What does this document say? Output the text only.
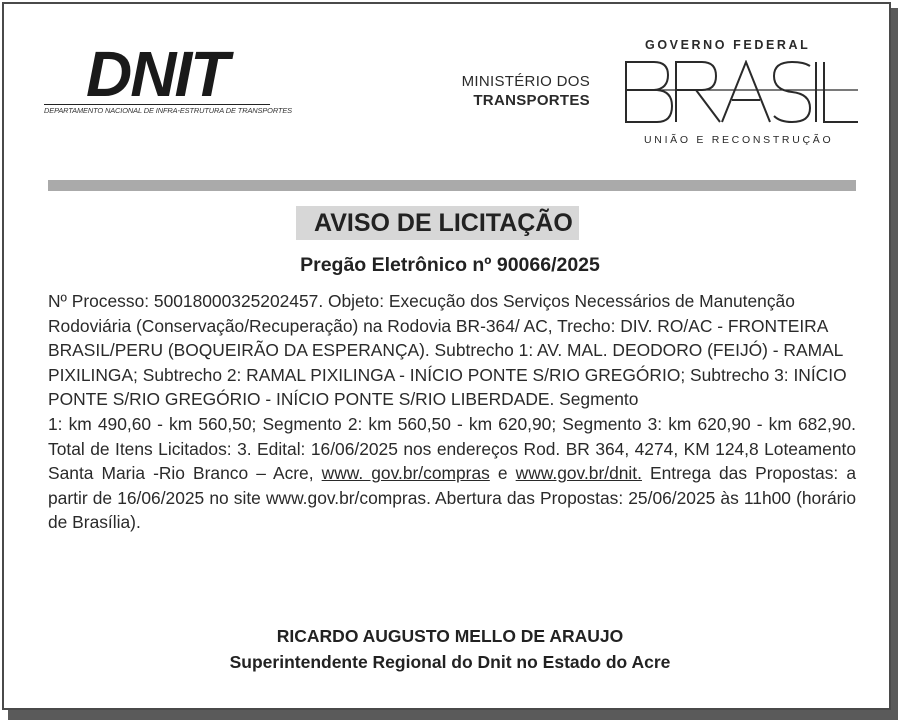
DNIT
DEPARTAMENTO NACIONAL DE INFRA-ESTRUTURA DE TRANSPORTES
MINISTÉRIO DOS
TRANSPORTES
GOVERNO FEDERAL
UNIÃO E RECONSTRUÇÃO
AVISO DE LICITAÇÃO
Pregão Eletrônico nº 90066/2025

Nº Processo: 50018000325202457. Objeto: Execução dos Serviços Necessários de Manutenção Rodoviária (Conservação/Recuperação) na Rodovia BR-364/ AC, Trecho: DIV. RO/AC - FRONTEIRA BRASIL/PERU (BOQUEIRÃO DA ESPERANÇA). Subtrecho 1: AV. MAL. DEODORO (FEIJÓ) - RAMAL PIXILINGA; Subtrecho 2: RAMAL PIXILINGA - INÍCIO PONTE S/RIO GREGÓRIO; Subtrecho 3: INÍCIO PONTE S/RIO GREGÓRIO - INÍCIO PONTE S/RIO LIBERDADE. Segmento

1: km 490,60 - km 560,50; Segmento 2: km 560,50 - km 620,90; Segmento 3: km 620,90 - km 682,90. Total de Itens Licitados: 3. Edital: 16/06/2025 nos endereços Rod. BR 364, 4274, KM 124,8 Loteamento Santa Maria -Rio Branco – Acre, www. gov.br/compras e www.gov.br/dnit. Entrega das Propostas: a partir de 16/06/2025 no site www.gov.br/compras. Abertura das Propostas: 25/06/2025 às 11h00 (horário de Brasília).

RICARDO AUGUSTO MELLO DE ARAUJO
Superintendente Regional do Dnit no Estado do Acre
